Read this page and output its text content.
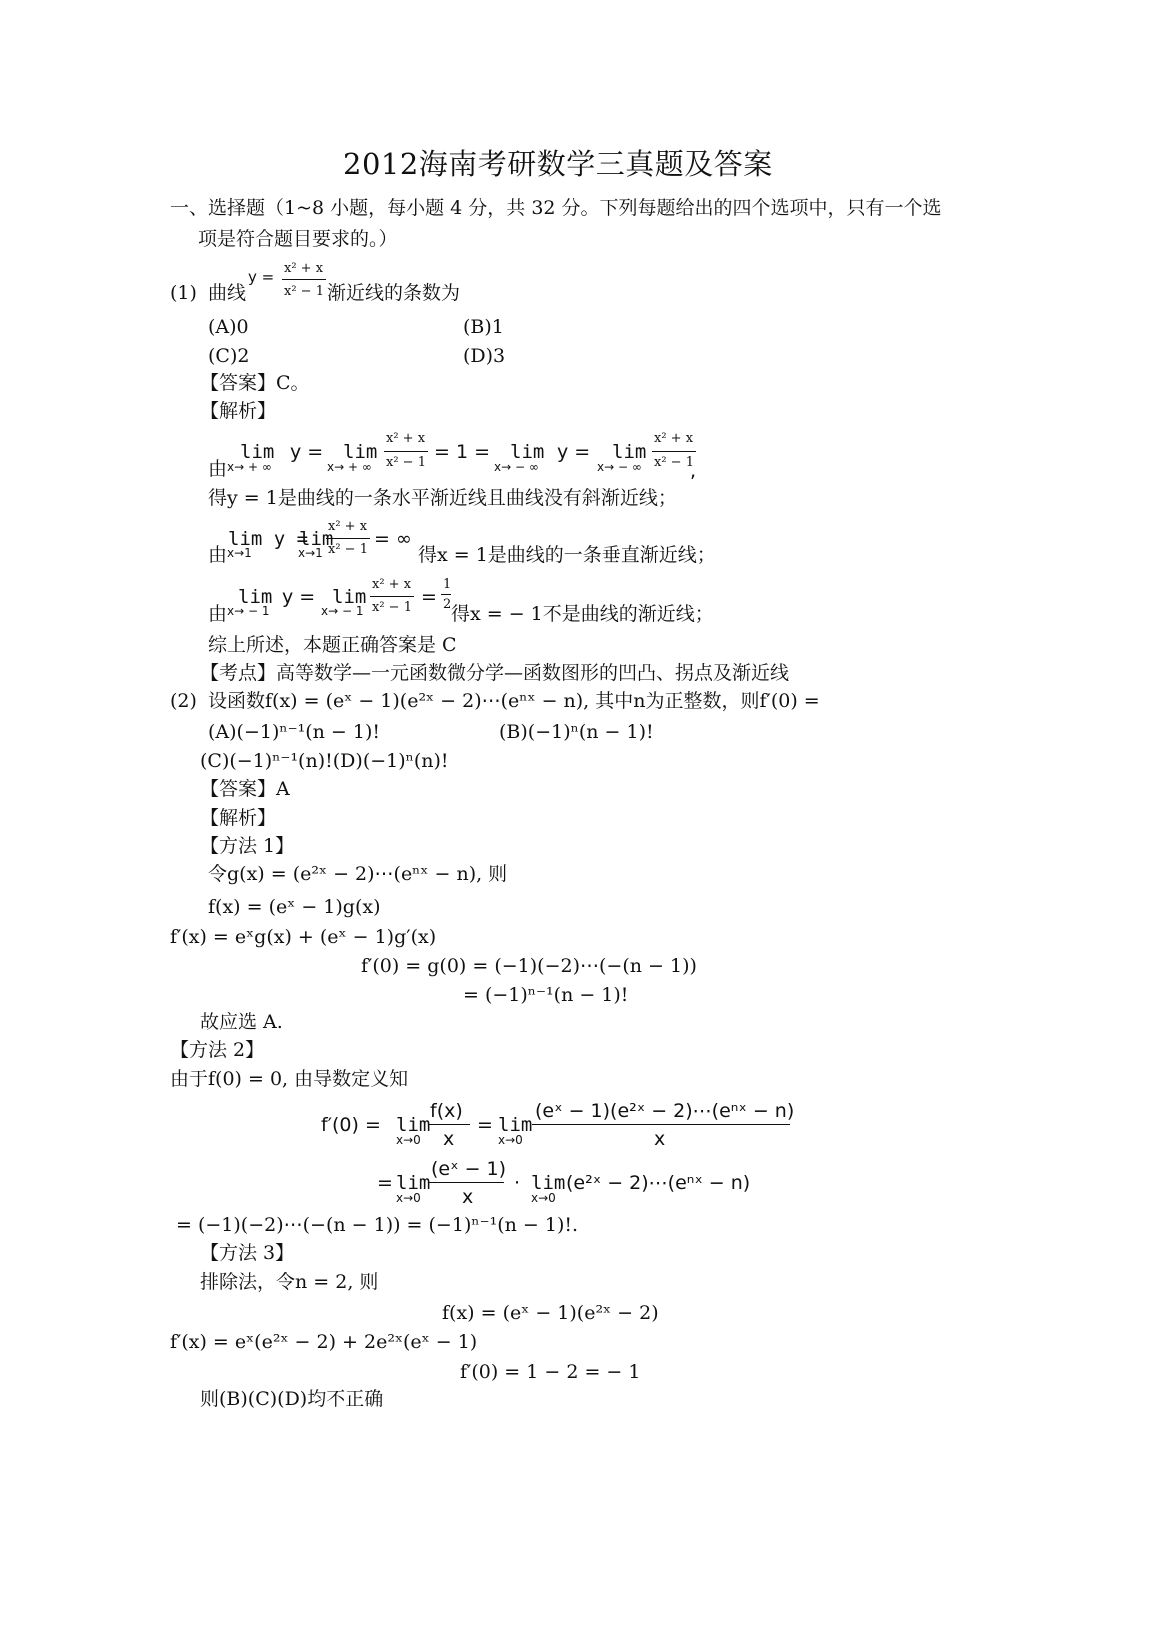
2012海南考研数学三真题及答案
一、选择题（1~8 小题，每小题 4 分，共 32 分。下列每题给出的四个选项中，只有一个选
项是符合题目要求的。）
(1) 曲线
y = x² + x
x² − 1 渐近线的条数为
(A)0	(B)1
(C)2	(D)3
【答案】C。
【解析】
由
lim
x→ + ∞
y = lim
x→ + ∞
x² + x
x² − 1 = 1 = lim
x→ − ∞
y = lim
x→ − ∞
x² + x
x² − 1
,
得y = 1是曲线的一条水平渐近线且曲线没有斜渐近线；
由
lim y =
x→1
lim
x→1
x² + x
x² − 1 = ∞
得x = 1是曲线的一条垂直渐近线；
由
lim
x→ − 1
y = lim
x→ − 1
x² + x
x² − 1 =
1
2 得x = − 1不是曲线的渐近线；
综上所述，本题正确答案是 C
【考点】高等数学—一元函数微分学—函数图形的凹凸、拐点及渐近线
(2) 设函数f(x) = (eˣ − 1)(e²ˣ − 2)⋯(eⁿˣ − n), 其中n为正整数，则f′(0) =
(A)(−1)ⁿ⁻¹(n − 1)!	(B)(−1)ⁿ(n − 1)!
(C)(−1)ⁿ⁻¹(n)!(D)(−1)ⁿ(n)!
【答案】A
【解析】
【方法 1】
令g(x) = (e²ˣ − 2)⋯(eⁿˣ − n), 则
f(x) = (eˣ − 1)g(x)
f′(x) = eˣg(x) + (eˣ − 1)g′(x)
f′(0) = g(0) = (−1)(−2)⋯(−(n − 1))
= (−1)ⁿ⁻¹(n − 1)!
故应选 A.
【方法 2】
由于f(0) = 0, 由导数定义知
f′(0) = lim
x→0
f(x)
x
= lim
x→0
(eˣ − 1)(e²ˣ − 2)⋯(eⁿˣ − n)
x
= lim
x→0
(eˣ − 1)
x
· lim
x→0
(e²ˣ − 2)⋯(eⁿˣ − n)
= (−1)(−2)⋯(−(n − 1)) = (−1)ⁿ⁻¹(n − 1)!.
【方法 3】
排除法，令n = 2, 则
f(x) = (eˣ − 1)(e²ˣ − 2)
f′(x) = eˣ(e²ˣ − 2) + 2e²ˣ(eˣ − 1)
f′(0) = 1 − 2 = − 1
则(B)(C)(D)均不正确
